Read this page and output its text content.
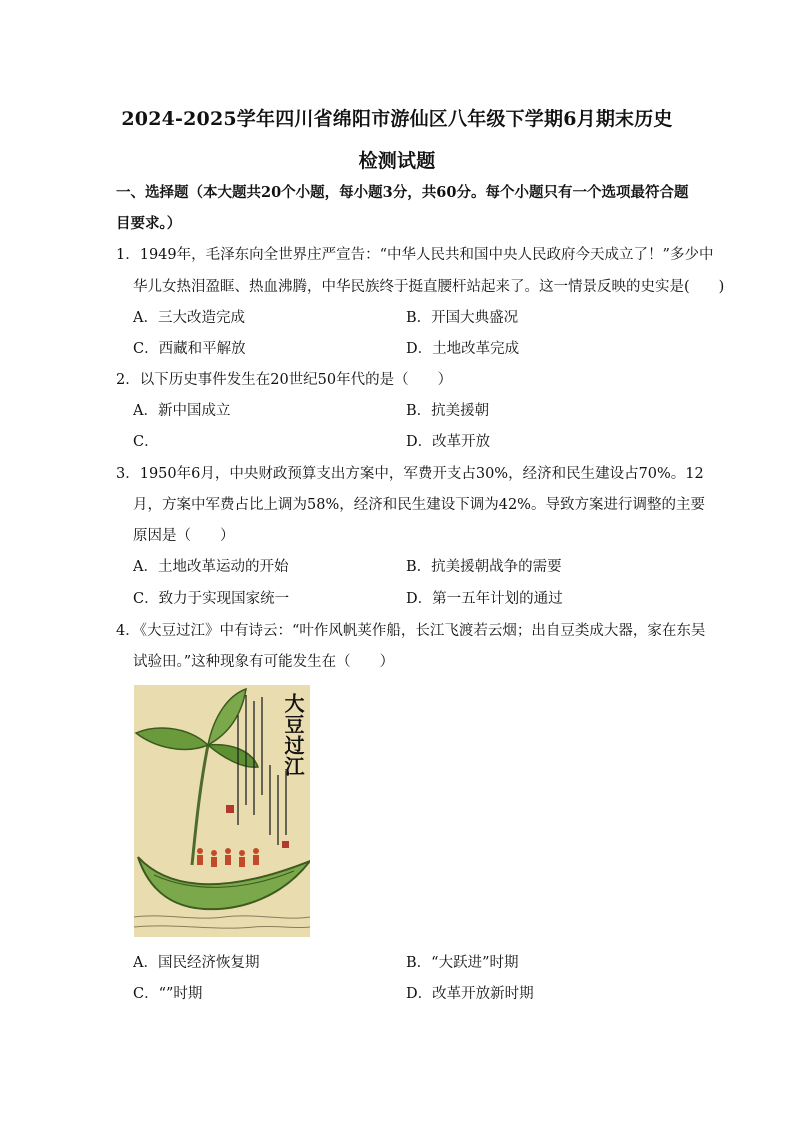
2024-2025学年四川省绵阳市游仙区八年级下学期6月期末历史
检测试题
一、选择题（本大题共20个小题，每小题3分，共60分。每个小题只有一个选项最符合题
目要求。）
1．1949年，毛泽东向全世界庄严宣告：“中华人民共和国中央人民政府今天成立了！”多少中
华儿女热泪盈眶、热血沸腾，中华民族终于挺直腰杆站起来了。这一情景反映的史实是(　　)
A．三大改造完成	B．开国大典盛况
C．西藏和平解放	D．土地改革完成
2．以下历史事件发生在20世纪50年代的是（　　）
A．新中国成立	B．抗美援朝
C．	D．改革开放
3．1950年6月，中央财政预算支出方案中，军费开支占30%，经济和民生建设占70%。12
月，方案中军费占比上调为58%，经济和民生建设下调为42%。导致方案进行调整的主要
原因是（　　）
A．土地改革运动的开始	B．抗美援朝战争的需要
C．致力于实现国家统一	D．第一五年计划的通过
4．《大豆过江》中有诗云：“叶作风帆荚作船，长江飞渡若云烟；出自豆类成大器，家在东吴
试验田。”这种现象有可能发生在（　　）
大豆过江
A．国民经济恢复期	B．“大跃进”时期
C．“”时期	D．改革开放新时期
